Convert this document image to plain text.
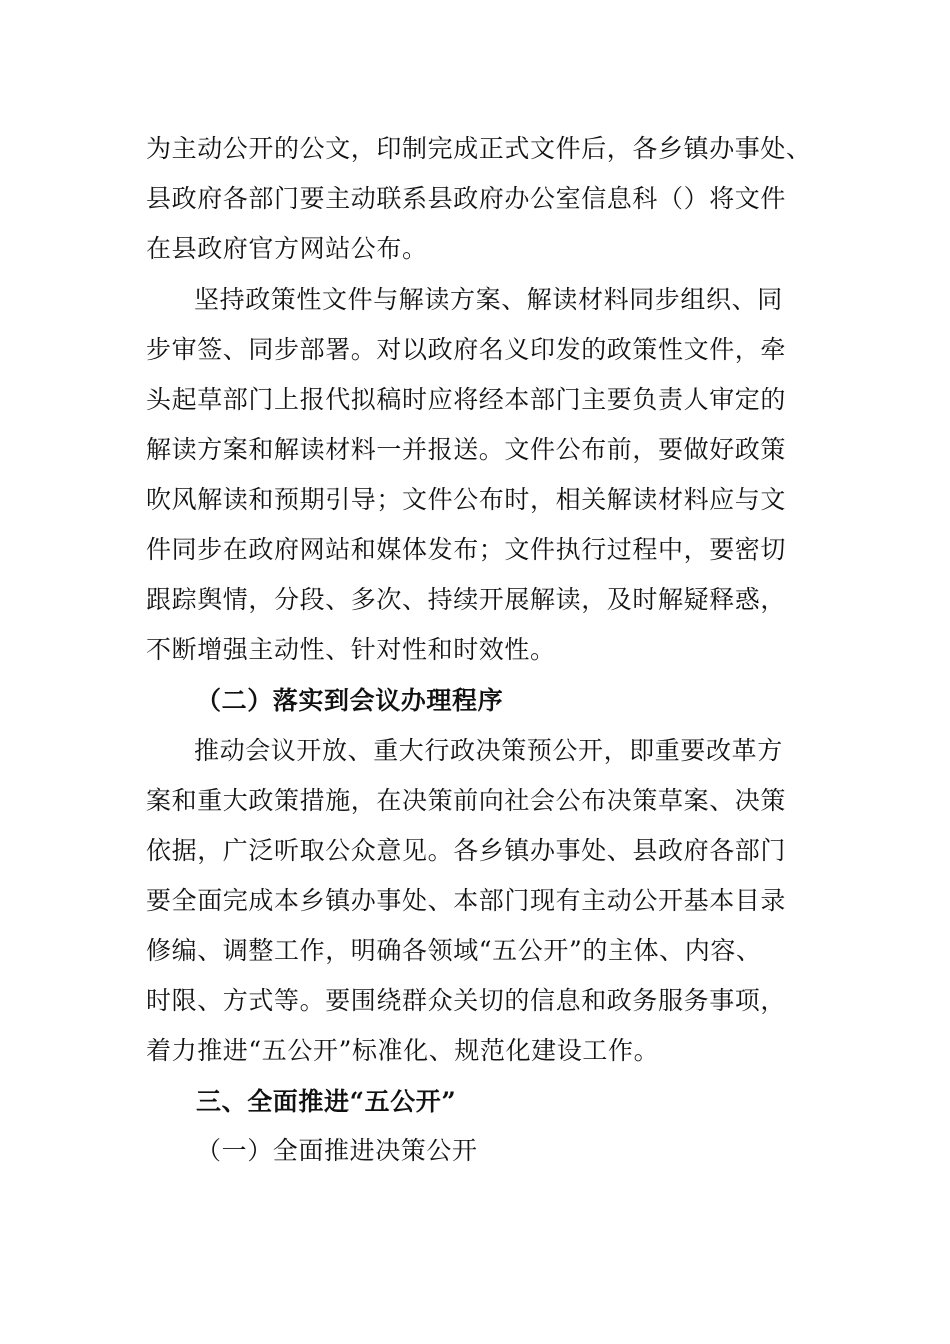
为主动公开的公文，印制完成正式文件后，各乡镇办事处、
县政府各部门要主动联系县政府办公室信息科（）将文件
在县政府官方网站公布。
坚持政策性文件与解读方案、解读材料同步组织、同
步审签、同步部署。对以政府名义印发的政策性文件，牵
头起草部门上报代拟稿时应将经本部门主要负责人审定的
解读方案和解读材料一并报送。文件公布前，要做好政策
吹风解读和预期引导；文件公布时，相关解读材料应与文
件同步在政府网站和媒体发布；文件执行过程中，要密切
跟踪舆情，分段、多次、持续开展解读，及时解疑释惑，
不断增强主动性、针对性和时效性。
（二）落实到会议办理程序
推动会议开放、重大行政决策预公开，即重要改革方
案和重大政策措施，在决策前向社会公布决策草案、决策
依据，广泛听取公众意见。各乡镇办事处、县政府各部门
要全面完成本乡镇办事处、本部门现有主动公开基本目录
修编、调整工作，明确各领域“五公开”的主体、内容、
时限、方式等。要围绕群众关切的信息和政务服务事项，
着力推进“五公开”标准化、规范化建设工作。
三、全面推进“五公开”
（一）全面推进决策公开
